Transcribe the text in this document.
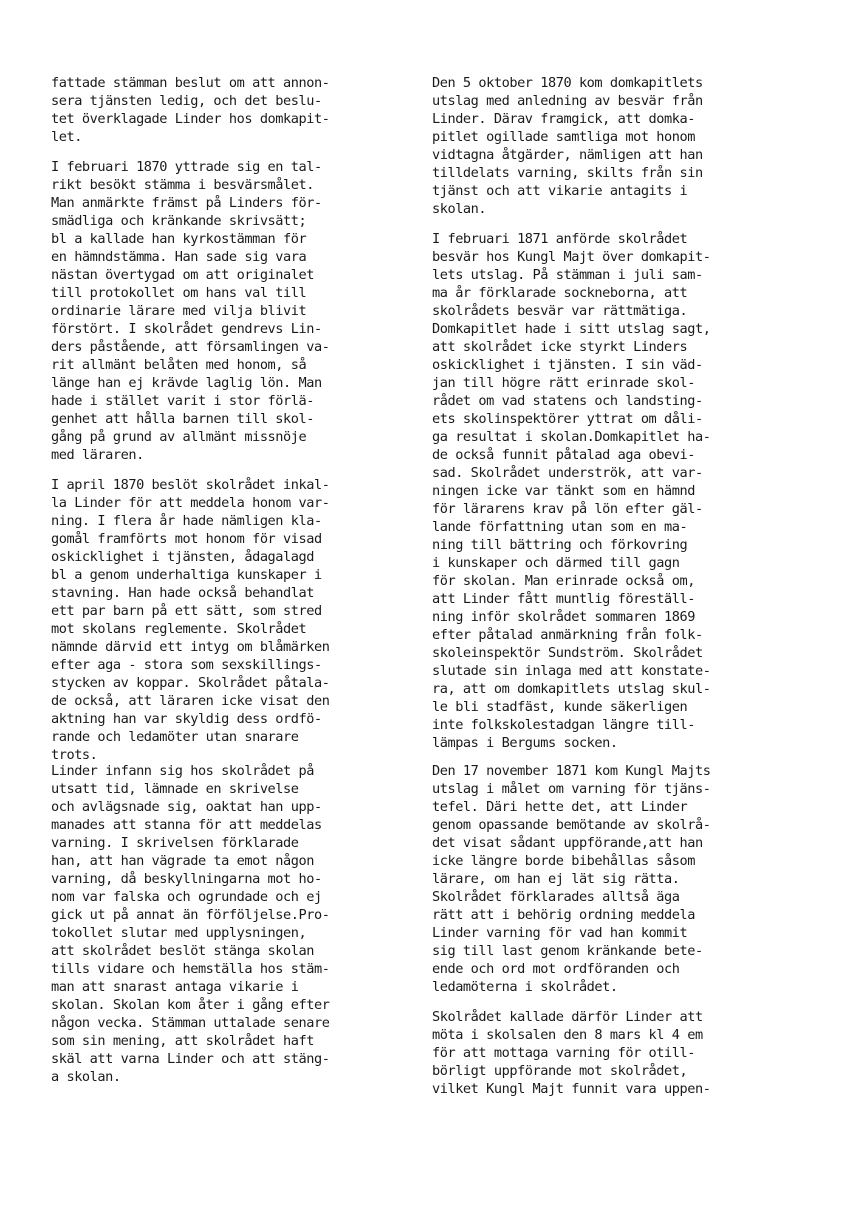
fattade stämman beslut om att annon-
sera tjänsten ledig, och det beslu-
tet överklagade Linder hos domkapit-
let.

I februari 1870 yttrade sig en tal-
rikt besökt stämma i besvärsmålet.
Man anmärkte främst på Linders för-
smädliga och kränkande skrivsätt;
bl a kallade han kyrkostämman för
en hämndstämma. Han sade sig vara
nästan övertygad om att originalet
till protokollet om hans val till
ordinarie lärare med vilja blivit
förstört. I skolrådet gendrevs Lin-
ders påstående, att församlingen va-
rit allmänt belåten med honom, så
länge han ej krävde laglig lön. Man
hade i stället varit i stor förlä-
genhet att hålla barnen till skol-
gång på grund av allmänt missnöje
med läraren.

I april 1870 beslöt skolrådet inkal-
la Linder för att meddela honom var-
ning. I flera år hade nämligen kla-
gomål framförts mot honom för visad
oskicklighet i tjänsten, ådagalagd
bl a genom underhaltiga kunskaper i
stavning. Han hade också behandlat
ett par barn på ett sätt, som stred
mot skolans reglemente. Skolrådet
nämnde därvid ett intyg om blåmärken
efter aga - stora som sexskillings-
stycken av koppar. Skolrådet påtala-
de också, att läraren icke visat den
aktning han var skyldig dess ordfö-
rande och ledamöter utan snarare
trots.

Den 5 oktober 1870 kom domkapitlets
utslag med anledning av besvär från
Linder. Därav framgick, att domka-
pitlet ogillade samtliga mot honom
vidtagna åtgärder, nämligen att han
tilldelats varning, skilts från sin
tjänst och att vikarie antagits i
skolan.

I februari 1871 anförde skolrådet
besvär hos Kungl Majt över domkapit-
lets utslag. På stämman i juli sam-
ma år förklarade sockneborna, att
skolrådets besvär var rättmätiga.
Domkapitlet hade i sitt utslag sagt,
att skolrådet icke styrkt Linders
oskicklighet i tjänsten. I sin väd-
jan till högre rätt erinrade skol-
rådet om vad statens och landsting-
ets skolinspektörer yttrat om dåli-
ga resultat i skolan.Domkapitlet ha-
de också funnit påtalad aga obevi-
sad. Skolrådet underströk, att var-
ningen icke var tänkt som en hämnd
för lärarens krav på lön efter gäl-
lande författning utan som en ma-
ning till bättring och förkovring
i kunskaper och därmed till gagn
för skolan. Man erinrade också om,
att Linder fått muntlig föreställ-
ning inför skolrådet sommaren 1869
efter påtalad anmärkning från folk-
skoleinspektör Sundström. Skolrådet
slutade sin inlaga med att konstate-
ra, att om domkapitlets utslag skul-
le bli stadfäst, kunde säkerligen
inte folkskolestadgan längre till-
lämpas i Bergums socken.

Linder infann sig hos skolrådet på
utsatt tid, lämnade en skrivelse
och avlägsnade sig, oaktat han upp-
manades att stanna för att meddelas
varning. I skrivelsen förklarade
han, att han vägrade ta emot någon
varning, då beskyllningarna mot ho-
nom var falska och ogrundade och ej
gick ut på annat än förföljelse.Pro-
tokollet slutar med upplysningen,
att skolrådet beslöt stänga skolan
tills vidare och hemställa hos stäm-
man att snarast antaga vikarie i
skolan. Skolan kom åter i gång efter
någon vecka. Stämman uttalade senare
som sin mening, att skolrådet haft
skäl att varna Linder och att stäng-
a skolan.

Den 17 november 1871 kom Kungl Majts
utslag i målet om varning för tjäns-
tefel. Däri hette det, att Linder
genom opassande bemötande av skolrå-
det visat sådant uppförande,att han
icke längre borde bibehållas såsom
lärare, om han ej lät sig rätta.
Skolrådet förklarades alltså äga
rätt att i behörig ordning meddela
Linder varning för vad han kommit
sig till last genom kränkande bete-
ende och ord mot ordföranden och
ledamöterna i skolrådet.

Skolrådet kallade därför Linder att
möta i skolsalen den 8 mars kl 4 em
för att mottaga varning för otill-
börligt uppförande mot skolrådet,
vilket Kungl Majt funnit vara uppen-
